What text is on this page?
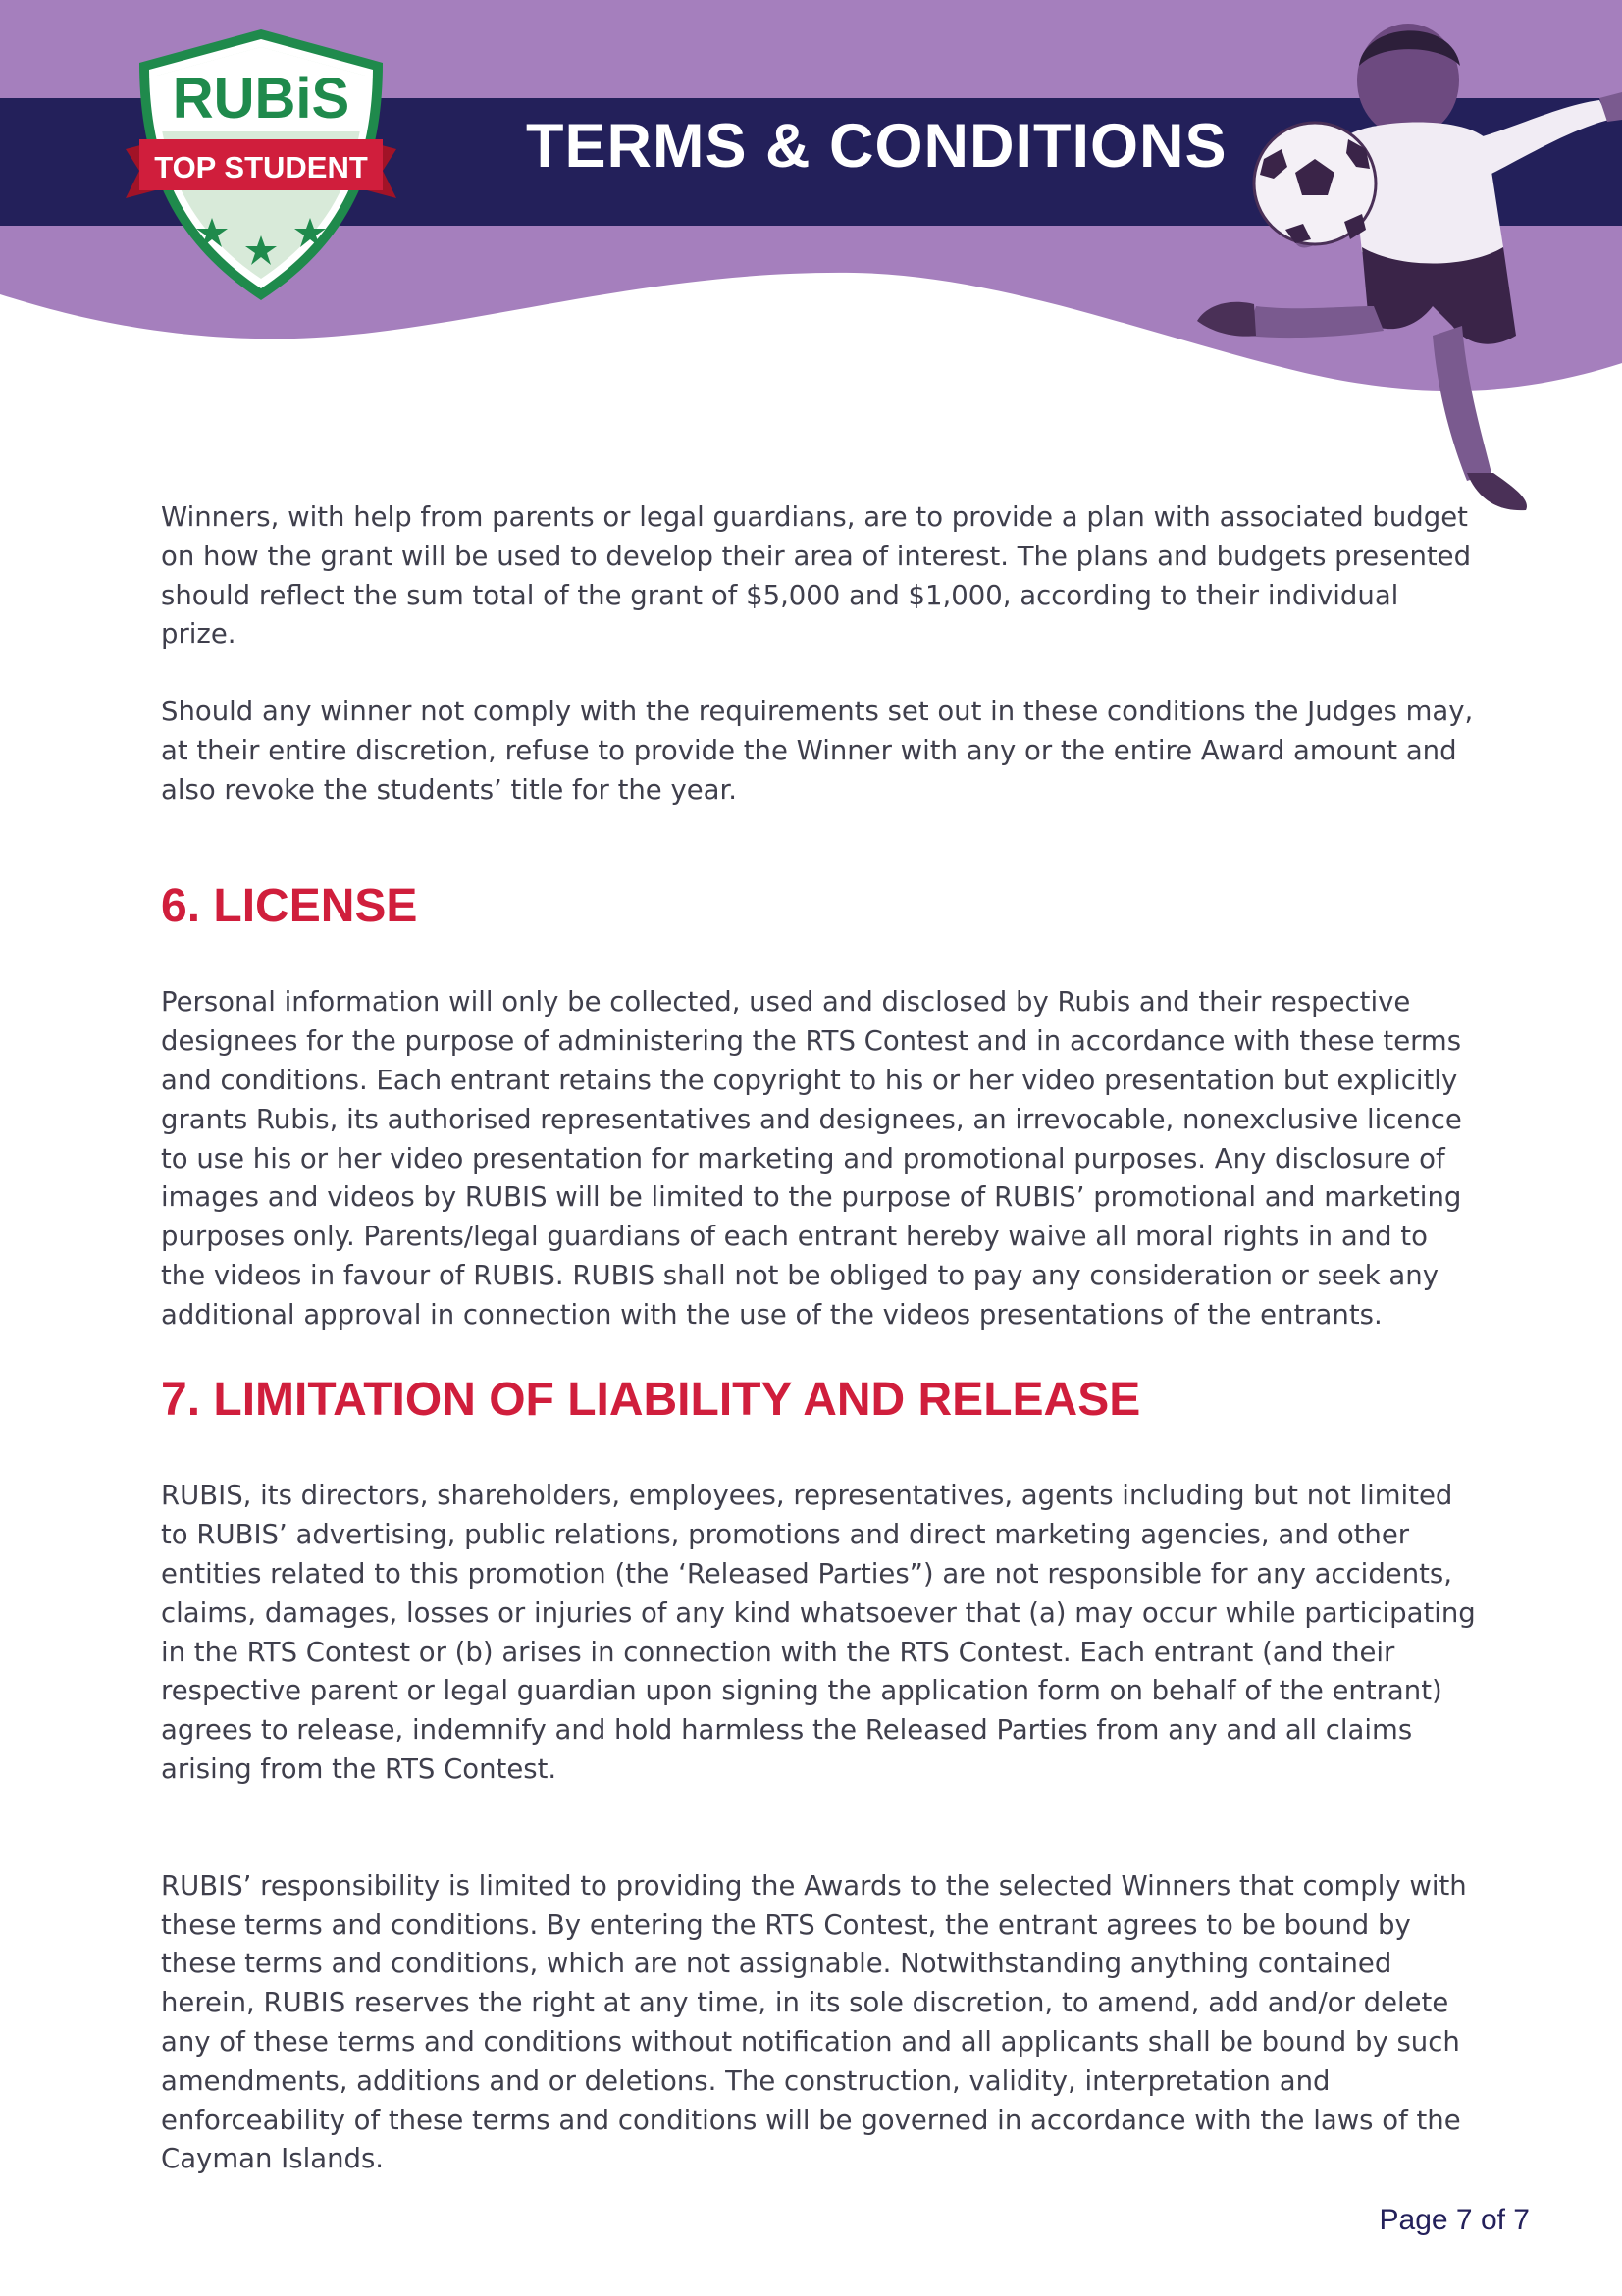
RUBiS
TOP STUDENT	TERMS & CONDITIONS

Winners, with help from parents or legal guardians, are to provide a plan with associated budget on how the grant will be used to develop their area of interest. The plans and budgets presented should reflect the sum total of the grant of $5,000 and $1,000, according to their individual prize.

Should any winner not comply with the requirements set out in these conditions the Judges may, at their entire discretion, refuse to provide the Winner with any or the entire Award amount and also revoke the students’ title for the year.

6. LICENSE

Personal information will only be collected, used and disclosed by Rubis and their respective designees for the purpose of administering the RTS Contest and in accordance with these terms and conditions. Each entrant retains the copyright to his or her video presentation but explicitly grants Rubis, its authorised representatives and designees, an irrevocable, nonexclusive licence to use his or her video presentation for marketing and promotional purposes. Any disclosure of images and videos by RUBIS will be limited to the purpose of RUBIS’ promotional and marketing purposes only. Parents/legal guardians of each entrant hereby waive all moral rights in and to the videos in favour of RUBIS. RUBIS shall not be obliged to pay any consideration or seek any additional approval in connection with the use of the videos presentations of the entrants.

7. LIMITATION OF LIABILITY AND RELEASE

RUBIS, its directors, shareholders, employees, representatives, agents including but not limited to RUBIS’ advertising, public relations, promotions and direct marketing agencies, and other entities related to this promotion (the ‘Released Parties”) are not responsible for any accidents, claims, damages, losses or injuries of any kind whatsoever that (a) may occur while participating in the RTS Contest or (b) arises in connection with the RTS Contest. Each entrant (and their respective parent or legal guardian upon signing the application form on behalf of the entrant) agrees to release, indemnify and hold harmless the Released Parties from any and all claims arising from the RTS Contest.

RUBIS’ responsibility is limited to providing the Awards to the selected Winners that comply with these terms and conditions. By entering the RTS Contest, the entrant agrees to be bound by these terms and conditions, which are not assignable. Notwithstanding anything contained herein, RUBIS reserves the right at any time, in its sole discretion, to amend, add and/or delete any of these terms and conditions without notification and all applicants shall be bound by such amendments, additions and or deletions. The construction, validity, interpretation and enforceability of these terms and conditions will be governed in accordance with the laws of the Cayman Islands.

Page 7 of 7
